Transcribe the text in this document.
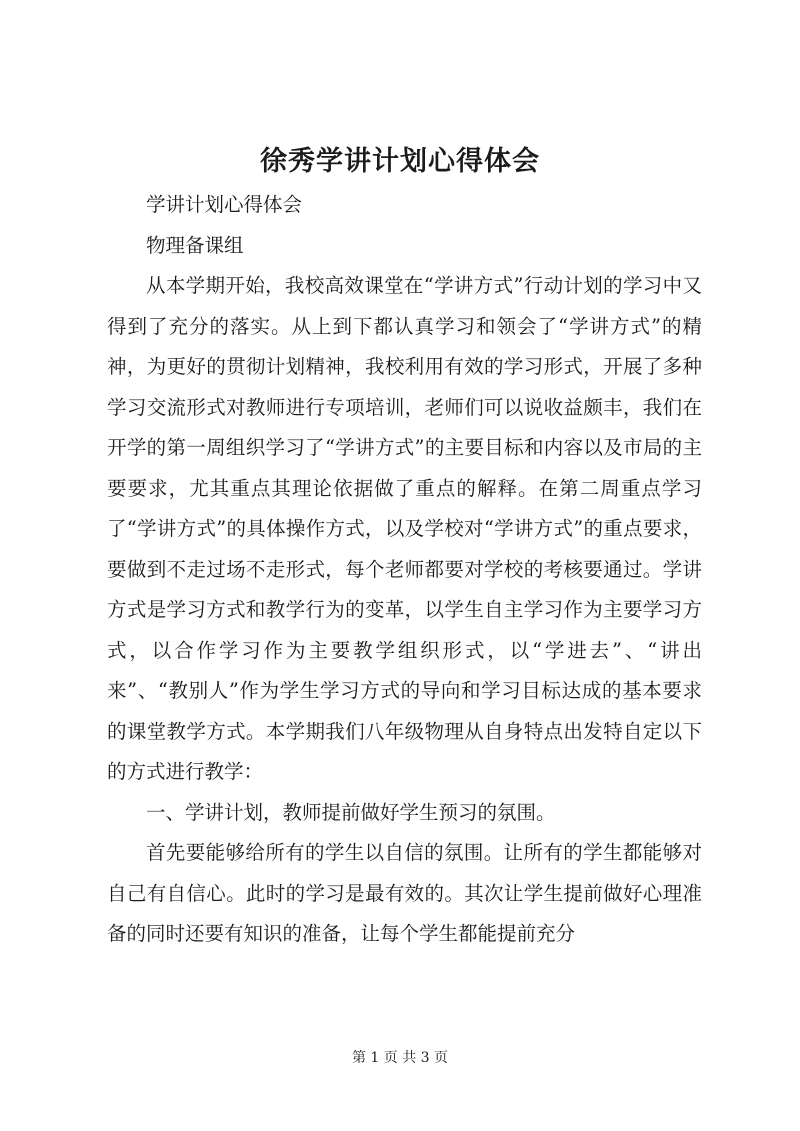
徐秀学讲计划心得体会

学讲计划心得体会

物理备课组

从本学期开始，我校高效课堂在“学讲方式”行动计划的学习中又得到了充分的落实。从上到下都认真学习和领会了“学讲方式”的精神，为更好的贯彻计划精神，我校利用有效的学习形式，开展了多种学习交流形式对教师进行专项培训，老师们可以说收益颇丰，我们在开学的第一周组织学习了“学讲方式”的主要目标和内容以及市局的主要要求，尤其重点其理论依据做了重点的解释。在第二周重点学习了“学讲方式”的具体操作方式，以及学校对“学讲方式”的重点要求，要做到不走过场不走形式，每个老师都要对学校的考核要通过。学讲方式是学习方式和教学行为的变革，以学生自主学习作为主要学习方式，以合作学习作为主要教学组织形式，以“学进去”、“讲出来”、“教别人”作为学生学习方式的导向和学习目标达成的基本要求的课堂教学方式。本学期我们八年级物理从自身特点出发特自定以下的方式进行教学：

一、学讲计划，教师提前做好学生预习的氛围。

首先要能够给所有的学生以自信的氛围。让所有的学生都能够对自己有自信心。此时的学习是最有效的。其次让学生提前做好心理准备的同时还要有知识的准备，让每个学生都能提前充分

第 1 页 共 3 页
